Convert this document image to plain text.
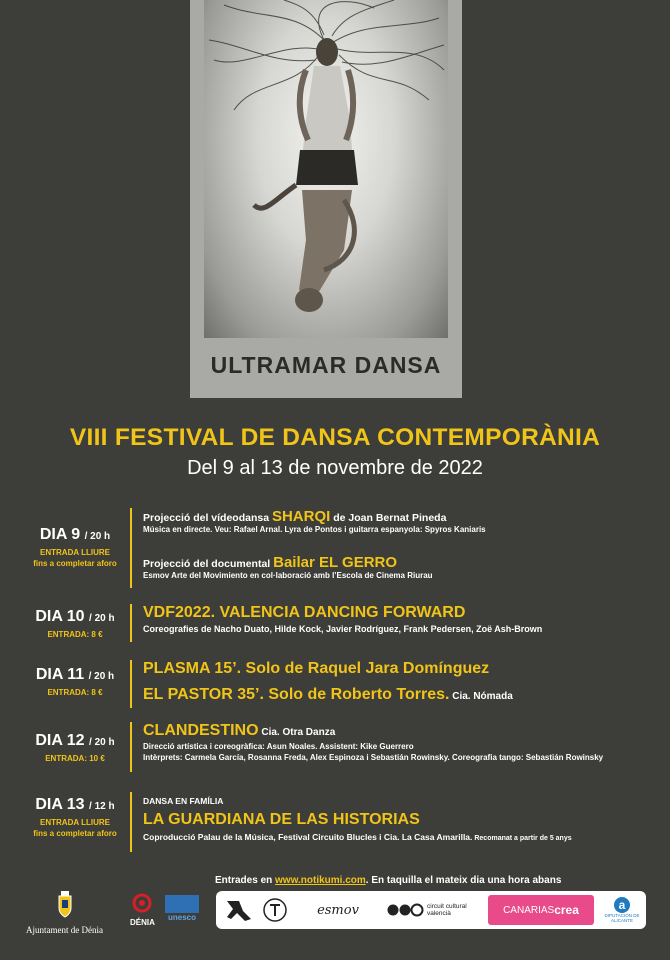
ULTRAMAR DANSA
VIII FESTIVAL DE DANSA CONTEMPORÀNIA
Del 9 al 13 de novembre de 2022
DIA 9 / 20 h
ENTRADA LLIURE
fins a completar aforo
Projecció del vídeodansa SHARQI de Joan Bernat Pineda
Música en directe. Veu: Rafael Arnal. Lyra de Pontos i guitarra espanyola: Spyros Kaniaris
Projecció del documental Bailar EL GERRO
Esmov Arte del Movimiento en col·laboració amb l’Escola de Cinema Riurau
DIA 10 / 20 h
ENTRADA: 8 €
VDF2022. VALENCIA DANCING FORWARD
Coreografies de Nacho Duato, Hilde Kock, Javier Rodríguez, Frank Pedersen, Zoë Ash-Brown
DIA 11 / 20 h
ENTRADA: 8 €
PLASMA 15’. Solo de Raquel Jara Domínguez
EL PASTOR 35’. Solo de Roberto Torres. Cia. Nómada
DIA 12 / 20 h
ENTRADA: 10 €
CLANDESTINO Cia. Otra Danza
Direcció artística i coreogràfica: Asun Noales. Assistent: Kike Guerrero
Intèrprets: Carmela García, Rosanna Freda, Alex Espinoza i Sebastián Rowinsky. Coreografia tango: Sebastián Rowinsky
DIA 13 / 12 h
ENTRADA LLIURE
fins a completar aforo
DANSA EN FAMÍLIA
LA GUARDIANA DE LAS HISTORIAS
Coproducció Palau de la Música, Festival Circuito Blucles i Cia. La Casa Amarilla. Recomanat a partir de 5 anys
Entrades en www.notikumi.com. En taquilla el mateix dia una hora abans
Ajuntament de Dénia
DÉNIA
unesco	esmov	circuit cultural valencià	CANARIAS crea	a
DIPUTACIÓN DE ALICANTE
